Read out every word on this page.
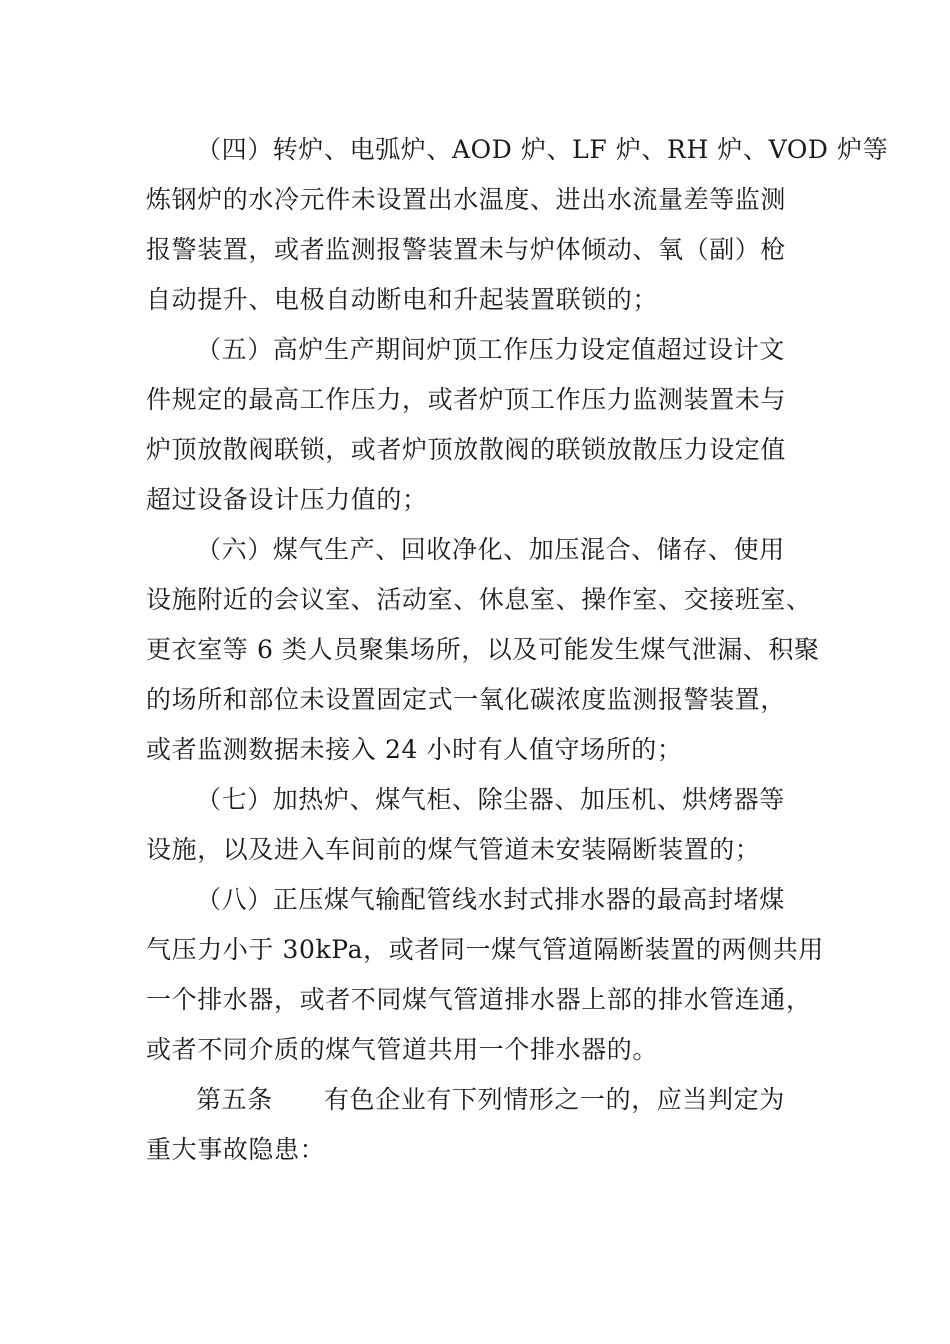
（四）转炉、电弧炉、AOD 炉、LF 炉、RH 炉、VOD 炉等
炼钢炉的水冷元件未设置出水温度、进出水流量差等监测
报警装置，或者监测报警装置未与炉体倾动、氧（副）枪
自动提升、电极自动断电和升起装置联锁的；
（五）高炉生产期间炉顶工作压力设定值超过设计文
件规定的最高工作压力，或者炉顶工作压力监测装置未与
炉顶放散阀联锁，或者炉顶放散阀的联锁放散压力设定值
超过设备设计压力值的；
（六）煤气生产、回收净化、加压混合、储存、使用
设施附近的会议室、活动室、休息室、操作室、交接班室、
更衣室等 6 类人员聚集场所，以及可能发生煤气泄漏、积聚
的场所和部位未设置固定式一氧化碳浓度监测报警装置，
或者监测数据未接入 24 小时有人值守场所的；
（七）加热炉、煤气柜、除尘器、加压机、烘烤器等
设施，以及进入车间前的煤气管道未安装隔断装置的；
（八）正压煤气输配管线水封式排水器的最高封堵煤
气压力小于 30kPa，或者同一煤气管道隔断装置的两侧共用
一个排水器，或者不同煤气管道排水器上部的排水管连通，
或者不同介质的煤气管道共用一个排水器的。
第五条　　有色企业有下列情形之一的，应当判定为
重大事故隐患：
